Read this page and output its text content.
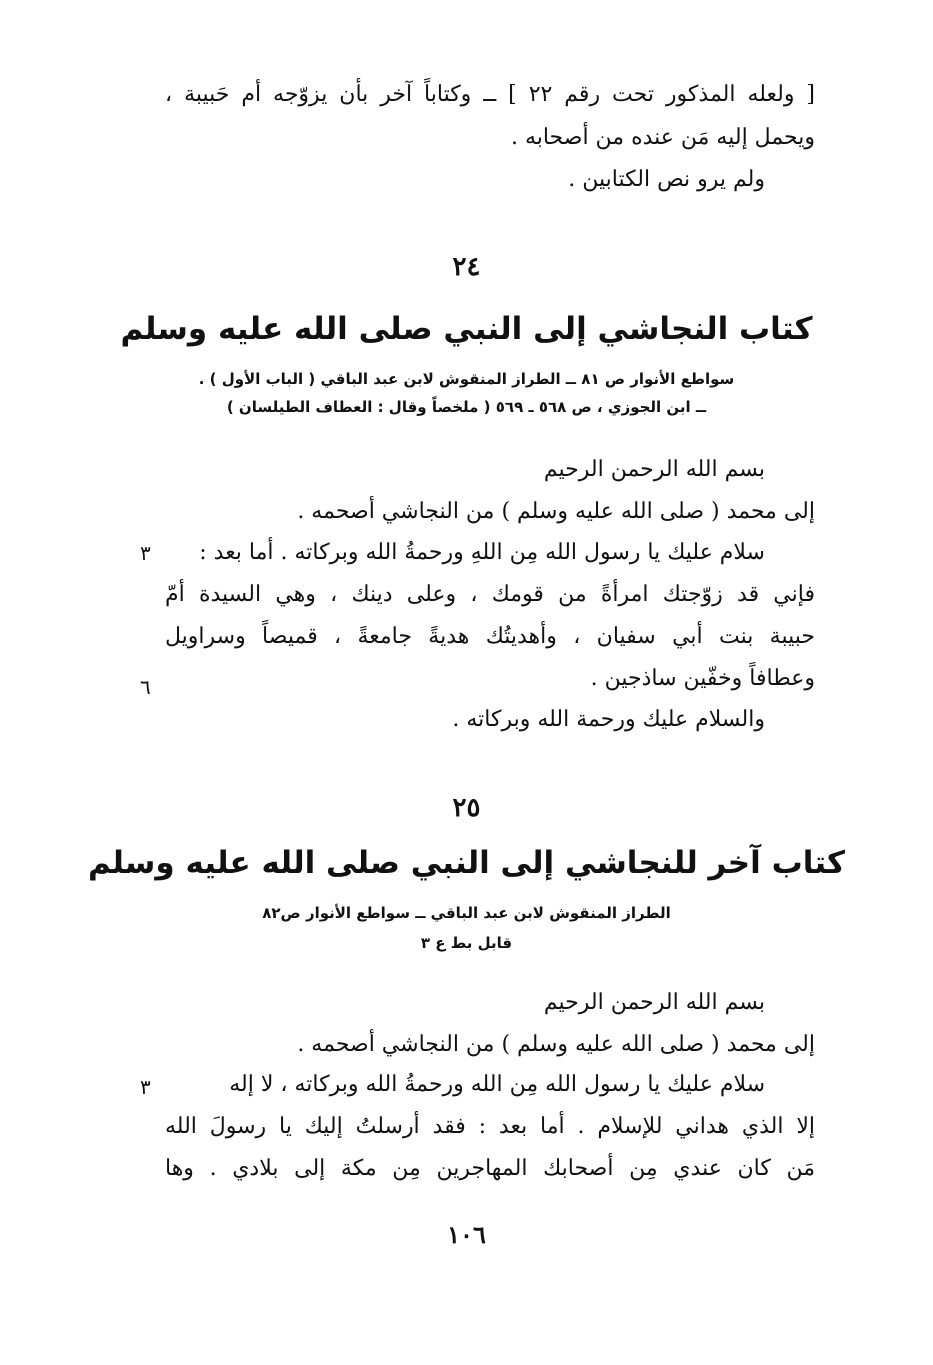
[ ولعله المذكور تحت رقم ٢٢ ] ــ وكتاباً آخر بأن يزوّجه أم حَبيبة ،
ويحمل إليه مَن عنده من أصحابه .
ولم يرو نص الكتابين .
٢٤
كتاب النجاشي إلى النبي صلى الله عليه وسلم
سواطع الأنوار ص ٨١ ــ الطراز المنقوش لابن عبد الباقي ( الباب الأول ) .
ــ ابن الجوزي ، ص ٥٦٨ ـ ٥٦٩ ( ملخصاً وقال : العطاف الطيلسان )
بسم الله الرحمن الرحيم
إلى محمد ( صلى الله عليه وسلم ) من النجاشي أصحمه .
سلام عليك يا رسول الله مِن اللهِ ورحمةُ الله وبركاته . أما بعد :
فإني قد زوّجتك امرأةً من قومك ، وعلى دينك ، وهي السيدة أمّ
حبيبة بنت أبي سفيان ، وأهديتُك هديةً جامعةً ، قميصاً وسراويل
وعطافاً وخفّين ساذجين .
والسلام عليك ورحمة الله وبركاته .
٣
٦
٢٥
كتاب آخر للنجاشي إلى النبي صلى الله عليه وسلم
الطراز المنقوش لابن عبد الباقي ــ سواطع الأنوار ص٨٢
قابل بط ع ٣
بسم الله الرحمن الرحيم
إلى محمد ( صلى الله عليه وسلم ) من النجاشي أصحمه .
سلام عليك يا رسول الله مِن الله ورحمةُ الله وبركاته ، لا إله
إلا الذي هداني للإسلام . أما بعد : فقد أرسلتُ إليك يا رسولَ الله
مَن كان عندي مِن أصحابك المهاجرين مِن مكة إلى بلادي . وها
٣
١٠٦
